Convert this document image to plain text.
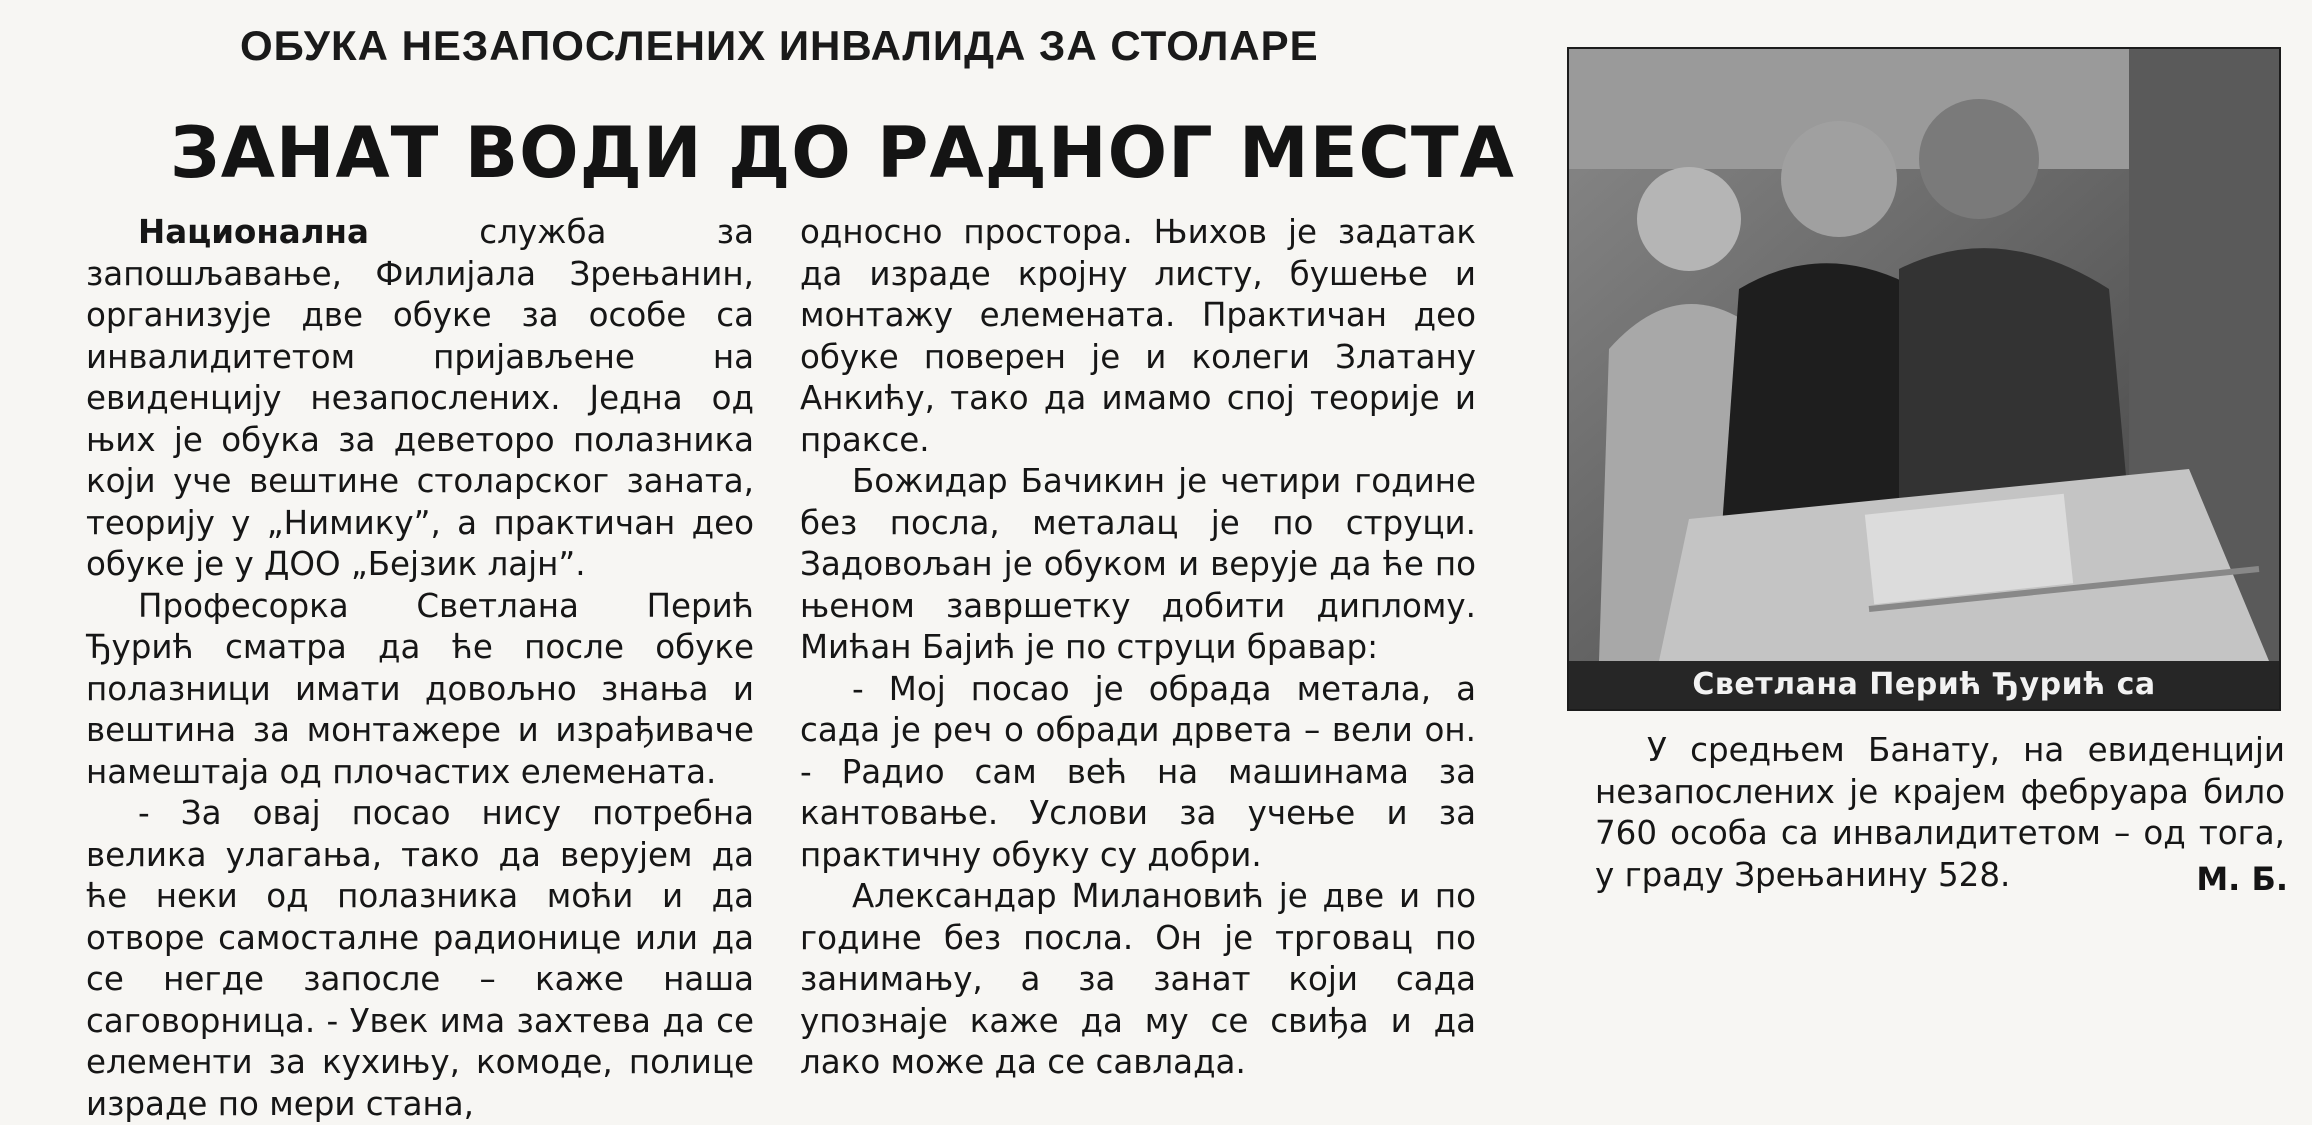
ОБУКА НЕЗАПОСЛЕНИХ ИНВАЛИДА ЗА СТОЛАРЕ
ЗАНАТ ВОДИ ДО РАДНОГ МЕСТА

Национална служба за запошљавање, Филијала Зрењанин, организује две обуке за особе са инвалидитетом пријављене на евиденцију незапослених. Једна од њих је обука за деветоро полазника који уче вештине столарског заната, теорију у „Нимику”, а практичан део обуке је у ДОО „Бејзик лајн”.

Професорка Светлана Перић Ђурић сматра да ће после обуке полазници имати довољно знања и вештина за монтажере и израђиваче намештаја од плочастих елемената.

- За овај посао нису потребна велика улагања, тако да верујем да ће неки од полазника моћи и да отворе самосталне радионице или да се негде запосле – каже наша саговорница. - Увек има захтева да се елементи за кухињу, комоде, полице израде по мери стана,

односно простора. Њихов је задатак да израде кројну листу, бушење и монтажу елемената. Практичан део обуке поверен је и колеги Златану Анкићу, тако да имамо спој теорије и праксе.

Божидар Бачикин је четири године без посла, металац је по струци. Задовољан је обуком и верује да ће по њеном завршетку добити диплому. Мићан Бајић је по струци бравар:

- Мој посао је обрада метала, а сада је реч о обради дрвета – вели он. - Радио сам већ на машинама за кантовање. Услови за учење и за практичну обуку су добри.

Александар Милановић је две и по године без посла. Он је трговац по занимању, а за занат који сада упознаје каже да му се свиђа и да лако може да се савлада.

Светлана Перић Ђурић са

У средњем Банату, на евиденцији незапослених је крајем фебруара било 760 особа са инвалидитетом – од тога, у граду Зрењанину 528.	М. Б.
